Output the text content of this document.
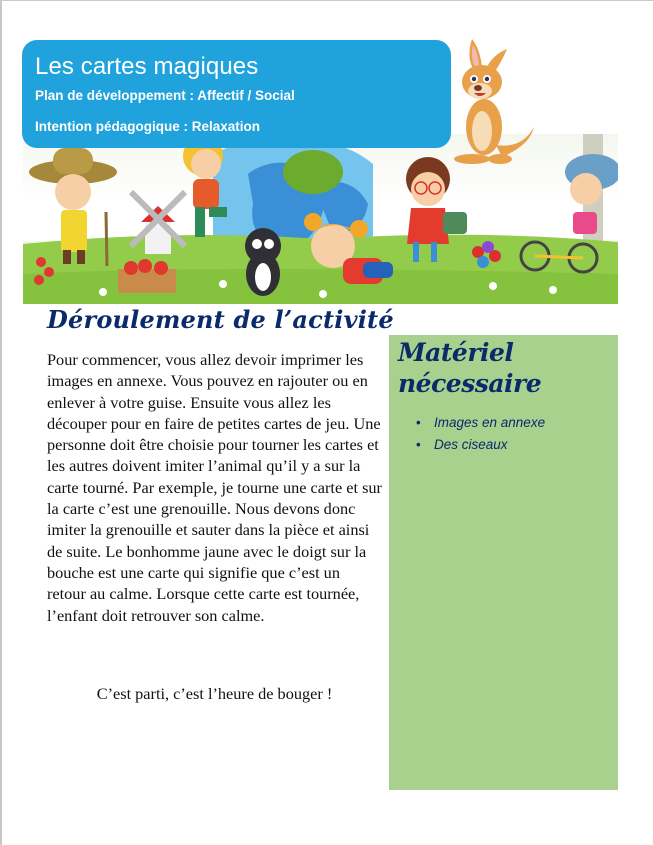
Les cartes magiques
Plan de développement : Affectif / Social
Intention pédagogique : Relaxation
Déroulement de l’activité
Pour commencer, vous allez devoir imprimer les images en annexe. Vous pouvez en rajouter ou en enlever à votre guise. Ensuite vous allez les découper pour en faire de petites cartes de jeu. Une personne doit être choisie pour tourner les cartes et les autres doivent imiter l’animal qu’il y a sur la carte tourné. Par exemple, je tourne une carte et sur la carte c’est une grenouille. Nous devons donc imiter la grenouille et sauter dans la pièce et ainsi de suite. Le bonhomme jaune avec le doigt sur la bouche est une carte qui signifie que c’est un retour au calme. Lorsque cette carte est tournée, l’enfant doit retrouver son calme.
C’est parti, c’est l’heure de bouger !
Matériel nécessaire
• Images en annexe
• Des ciseaux
